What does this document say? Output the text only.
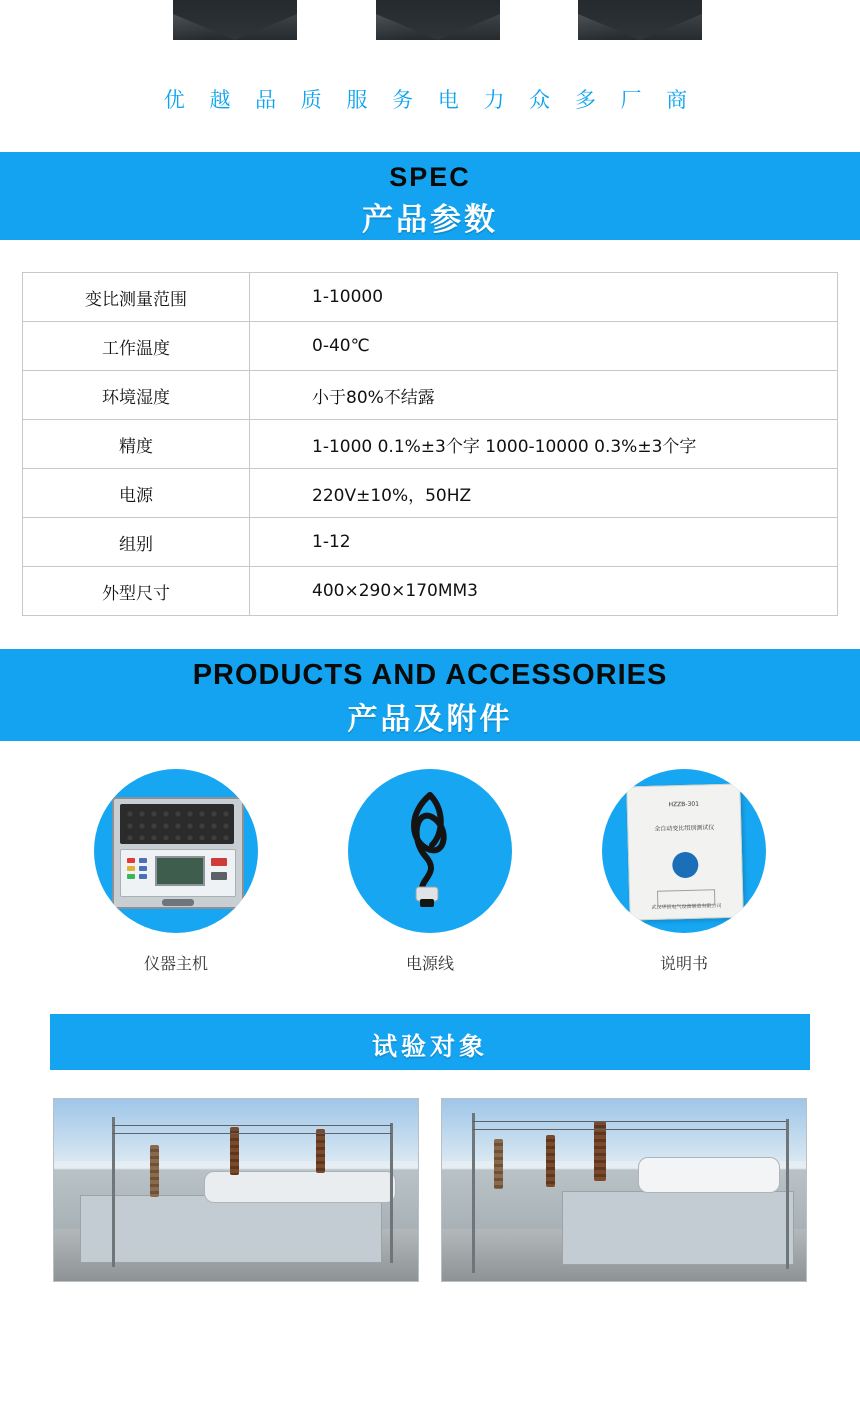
优 越 品 质 服 务 电 力 众 多 厂 商
SPEC
产品参数
变比测量范围	1-10000
工作温度	0-40℃
环境湿度	小于80%不结露
精度	1-1000 0.1%±3个字 1000-10000 0.3%±3个字
电源	220V±10%，50HZ
组别	1-12
外型尺寸	400×290×170MM3
PRODUCTS AND ACCESSORIES
产品及附件
仪器主机	电源线
HZZB-301
全自动变比组别测试仪
武汉华顶电气设备制造有限公司
说明书
试验对象
